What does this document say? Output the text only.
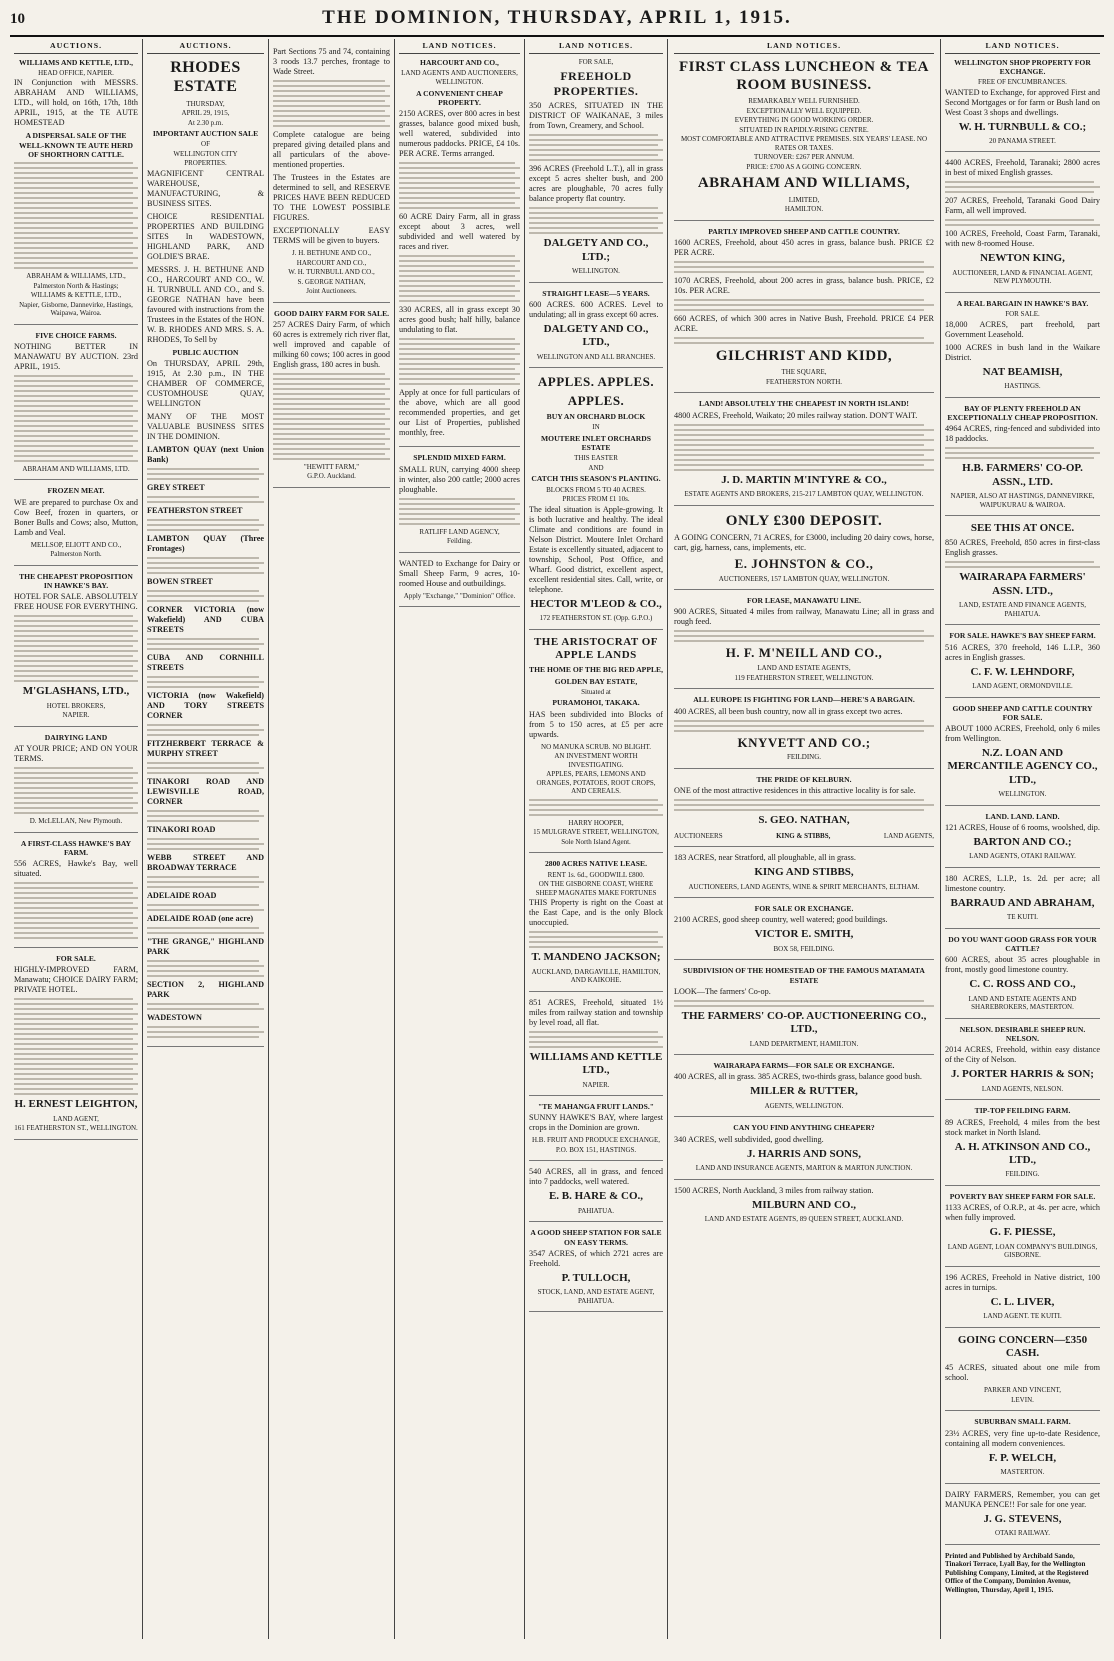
10	THE DOMINION, THURSDAY, APRIL 1, 1915.
AUCTIONS.
WILLIAMS AND KETTLE, LTD.,
HEAD OFFICE, NAPIER.

IN Conjunction with MESSRS. ABRAHAM AND WILLIAMS, LTD., will hold, on 16th, 17th, 18th APRIL, 1915, at the TE AUTE HOMESTEAD

A DISPERSAL SALE OF THE WELL-KNOWN TE AUTE HERD OF SHORTHORN CATTLE.
ABRAHAM & WILLIAMS, LTD.,
Palmerston North & Hastings;
WILLIAMS & KETTLE, LTD.,
Napier, Gisborne, Dannevirke, Hastings, Waipawa, Wairoa.
FIVE CHOICE FARMS.

NOTHING BETTER IN MANAWATU BY AUCTION. 23rd APRIL, 1915.

ABRAHAM AND WILLIAMS, LTD.
FROZEN MEAT.

WE are prepared to purchase Ox and Cow Beef, frozen in quarters, or Boner Bulls and Cows; also, Mutton, Lamb and Veal.

MELLSOP, ELIOTT AND CO.,
Palmerston North.
THE CHEAPEST PROPOSITION IN HAWKE'S BAY.

HOTEL FOR SALE. ABSOLUTELY FREE HOUSE FOR EVERYTHING.

M'GLASHANS, LTD.,
HOTEL BROKERS,
NAPIER.
DAIRYING LAND

AT YOUR PRICE; AND ON YOUR TERMS.

D. McLELLAN, New Plymouth.
A FIRST-CLASS HAWKE'S BAY FARM.

556 ACRES, Hawke's Bay, well situated.

FOR SALE.

HIGHLY-IMPROVED FARM, Manawatu; CHOICE DAIRY FARM; PRIVATE HOTEL.

H. ERNEST LEIGHTON,
LAND AGENT,
161 FEATHERSTON ST., WELLINGTON.
AUCTIONS.
RHODES ESTATE
THURSDAY,
APRIL 29, 1915,
At 2.30 p.m.
IMPORTANT AUCTION SALE
OF
WELLINGTON CITY
PROPERTIES.

MAGNIFICENT CENTRAL WAREHOUSE, MANUFACTURING, & BUSINESS SITES.

CHOICE RESIDENTIAL PROPERTIES AND BUILDING SITES In WADESTOWN, HIGHLAND PARK, AND GOLDIE'S BRAE.

MESSRS. J. H. BETHUNE AND CO., HARCOURT AND CO., W. H. TURNBULL AND CO., and S. GEORGE NATHAN have been favoured with instructions from the Trustees in the Estates of the HON. W. B. RHODES AND MRS. S. A. RHODES, To Sell by

PUBLIC AUCTION

On THURSDAY, APRIL 29th, 1915, At 2.30 p.m., IN THE CHAMBER OF COMMERCE, CUSTOMHOUSE QUAY, WELLINGTON

MANY OF THE MOST VALUABLE BUSINESS SITES IN THE DOMINION.

LAMBTON QUAY (next Union Bank)

GREY STREET

FEATHERSTON STREET

LAMBTON QUAY (Three Frontages)

BOWEN STREET

CORNER VICTORIA (now Wakefield) AND CUBA STREETS

CUBA AND CORNHILL STREETS

VICTORIA (now Wakefield) AND TORY STREETS CORNER

FITZHERBERT TERRACE & MURPHY STREET

TINAKORI ROAD AND LEWISVILLE ROAD, CORNER

TINAKORI ROAD

WEBB STREET AND BROADWAY TERRACE

ADELAIDE ROAD

ADELAIDE ROAD (one acre)

"THE GRANGE," HIGHLAND PARK

SECTION 2, HIGHLAND PARK

WADESTOWN

Part Sections 75 and 74, containing 3 roods 13.7 perches, frontage to Wade Street.

Complete catalogue are being prepared giving detailed plans and all particulars of the above-mentioned properties.

The Trustees in the Estates are determined to sell, and RESERVE PRICES HAVE BEEN REDUCED TO THE LOWEST POSSIBLE FIGURES.

EXCEPTIONALLY EASY TERMS will be given to buyers.

J. H. BETHUNE AND CO.,
HARCOURT AND CO.,
W. H. TURNBULL AND CO.,
S. GEORGE NATHAN,
Joint Auctioneers.
GOOD DAIRY FARM FOR SALE.

257 ACRES Dairy Farm, of which 60 acres is extremely rich river flat, well improved and capable of milking 60 cows; 100 acres in good English grass, 180 acres in bush.

"HEWITT FARM,"
G.P.O. Auckland.
LAND NOTICES.
HARCOURT AND CO.,
LAND AGENTS AND AUCTIONEERS,
WELLINGTON.
A CONVENIENT CHEAP PROPERTY.

2150 ACRES, over 800 acres in best grasses, balance good mixed bush, well watered, subdivided into numerous paddocks. PRICE, £4 10s. PER ACRE. Terms arranged.

60 ACRE Dairy Farm, all in grass except about 3 acres, well subdivided and well watered by races and river.

330 ACRES, all in grass except 30 acres good bush; half hilly, balance undulating to flat.

Apply at once for full particulars of the above, which are all good recommended properties, and get our List of Properties, published monthly, free.

SPLENDID MIXED FARM.

SMALL RUN, carrying 4000 sheep in winter, also 200 cattle; 2000 acres ploughable.

RATLIFF LAND AGENCY,
Feilding.

WANTED to Exchange for Dairy or Small Sheep Farm, 9 acres, 10-roomed House and outbuildings.

Apply "Exchange," "Dominion" Office.
LAND NOTICES.
FOR SALE,
FREEHOLD PROPERTIES.

350 ACRES, SITUATED IN THE DISTRICT OF WAIKANAE, 3 miles from Town, Creamery, and School.

396 ACRES (Freehold L.T.), all in grass except 5 acres shelter bush, and 200 acres are ploughable, 70 acres fully balance property flat country.

DALGETY AND CO., LTD.;
WELLINGTON.
STRAIGHT LEASE—5 YEARS.

600 ACRES. 600 ACRES. Level to undulating; all in grass except 60 acres.

DALGETY AND CO., LTD.,
WELLINGTON AND ALL BRANCHES.
APPLES. APPLES.
APPLES.
BUY AN ORCHARD BLOCK
IN
MOUTERE INLET ORCHARDS ESTATE
THIS EASTER
AND
CATCH THIS SEASON'S PLANTING.
BLOCKS FROM 5 TO 40 ACRES.
PRICES FROM £1 10s.

The ideal situation is Apple-growing. It is both lucrative and healthy. The ideal Climate and conditions are found in Nelson District. Moutere Inlet Orchard Estate is excellently situated, adjacent to township, School, Post Office, and Wharf. Good district, excellent aspect, excellent residential sites. Call, write, or telephone.

HECTOR M'LEOD & CO.,
172 FEATHERSTON ST. (Opp. G.P.O.)
THE ARISTOCRAT OF APPLE LANDS
THE HOME OF THE BIG RED APPLE,
GOLDEN BAY ESTATE,
Situated at
PURAMOHOI, TAKAKA.

HAS been subdivided into Blocks of from 5 to 150 acres, at £5 per acre upwards.

NO MANUKA SCRUB. NO BLIGHT.
AN INVESTMENT WORTH INVESTIGATING.
APPLES, PEARS, LEMONS AND ORANGES, POTATOES, ROOT CROPS, AND CEREALS.
HARRY HOOPER,
15 MULGRAVE STREET, WELLINGTON,
Sole North Island Agent.
2800 ACRES NATIVE LEASE.
RENT 1s. 6d., GOODWILL £800.
ON THE GISBORNE COAST, WHERE SHEEP MAGNATES MAKE FORTUNES

THIS Property is right on the Coast at the East Cape, and is the only Block unoccupied.

T. MANDENO JACKSON;
AUCKLAND, DARGAVILLE, HAMILTON, AND KAIKOHE.

851 ACRES, Freehold, situated 1½ miles from railway station and township by level road, all flat.

WILLIAMS AND KETTLE LTD.,
NAPIER.
"TE MAHANGA FRUIT LANDS."

SUNNY HAWKE'S BAY, where largest crops in the Dominion are grown.

H.B. FRUIT AND PRODUCE EXCHANGE,
P.O. BOX 151, HASTINGS.

540 ACRES, all in grass, and fenced into 7 paddocks, well watered.

E. B. HARE & CO.,
PAHIATUA.
A GOOD SHEEP STATION FOR SALE ON EASY TERMS.

3547 ACRES, of which 2721 acres are Freehold.

P. TULLOCH,
STOCK, LAND, AND ESTATE AGENT, PAHIATUA.
LAND NOTICES.
FIRST CLASS LUNCHEON & TEA ROOM BUSINESS.
REMARKABLY WELL FURNISHED.
EXCEPTIONALLY WELL EQUIPPED.
EVERYTHING IN GOOD WORKING ORDER.
SITUATED IN RAPIDLY-RISING CENTRE.
MOST COMFORTABLE AND ATTRACTIVE PREMISES. SIX YEARS' LEASE. NO RATES OR TAXES.
TURNOVER: £267 PER ANNUM.
PRICE: £700 AS A GOING CONCERN.
ABRAHAM AND WILLIAMS,
LIMITED,
HAMILTON.
PARTLY IMPROVED SHEEP AND CATTLE COUNTRY.

1600 ACRES, Freehold, about 450 acres in grass, balance bush. PRICE £2 PER ACRE.

1070 ACRES, Freehold, about 200 acres in grass, balance bush. PRICE, £2 10s. PER ACRE.

660 ACRES, of which 300 acres in Native Bush, Freehold. PRICE £4 PER ACRE.

GILCHRIST AND KIDD,
THE SQUARE,
FEATHERSTON NORTH.
LAND! ABSOLUTELY THE CHEAPEST IN NORTH ISLAND!

4800 ACRES, Freehold, Waikato; 20 miles railway station. DON'T WAIT.

J. D. MARTIN M'INTYRE & CO.,
ESTATE AGENTS AND BROKERS, 215-217 LAMBTON QUAY, WELLINGTON.
ONLY £300 DEPOSIT.

A GOING CONCERN, 71 ACRES, for £3000, including 20 dairy cows, horse, cart, gig, harness, cans, implements, etc.

E. JOHNSTON & CO.,
AUCTIONEERS, 157 LAMBTON QUAY, WELLINGTON.
FOR LEASE, MANAWATU LINE.

900 ACRES, Situated 4 miles from railway, Manawatu Line; all in grass and rough feed.

H. F. M'NEILL AND CO.,
LAND AND ESTATE AGENTS,
119 FEATHERSTON STREET, WELLINGTON.
ALL EUROPE IS FIGHTING FOR LAND—HERE'S A BARGAIN.

400 ACRES, all been bush country, now all in grass except two acres.

KNYVETT AND CO.;
FEILDING.
THE PRIDE OF KELBURN.

ONE of the most attractive residences in this attractive locality is for sale.

S. GEO. NATHAN,
AUCTIONEERS	KING & STIBBS,	LAND AGENTS,

183 ACRES, near Stratford, all ploughable, all in grass.

KING AND STIBBS,
AUCTIONEERS, LAND AGENTS, WINE & SPIRIT MERCHANTS, ELTHAM.
FOR SALE OR EXCHANGE.

2100 ACRES, good sheep country, well watered; good buildings.

VICTOR E. SMITH,
BOX 58, FEILDING.
SUBDIVISION OF THE HOMESTEAD OF THE FAMOUS MATAMATA ESTATE

LOOK—The farmers' Co-op.

THE FARMERS' CO-OP. AUCTIONEERING CO., LTD.,
LAND DEPARTMENT, HAMILTON.
WAIRARAPA FARMS—FOR SALE OR EXCHANGE.

400 ACRES, all in grass. 385 ACRES, two-thirds grass, balance good bush.

MILLER & RUTTER,
AGENTS, WELLINGTON.
CAN YOU FIND ANYTHING CHEAPER?

340 ACRES, well subdivided, good dwelling.

J. HARRIS AND SONS,
LAND AND INSURANCE AGENTS, MARTON & MARTON JUNCTION.

1500 ACRES, North Auckland, 3 miles from railway station.

MILBURN AND CO.,
LAND AND ESTATE AGENTS, 89 QUEEN STREET, AUCKLAND.
LAND NOTICES.
WELLINGTON SHOP PROPERTY FOR EXCHANGE.
FREE OF ENCUMBRANCES.

WANTED to Exchange, for approved First and Second Mortgages or for farm or Bush land on West Coast 3 shops and dwellings.

W. H. TURNBULL & CO.;
20 PANAMA STREET.

4400 ACRES, Freehold, Taranaki; 2800 acres in best of mixed English grasses.

207 ACRES, Freehold, Taranaki Good Dairy Farm, all well improved.

100 ACRES, Freehold, Coast Farm, Taranaki, with new 8-roomed House.

NEWTON KING,
AUCTIONEER, LAND & FINANCIAL AGENT, NEW PLYMOUTH.
A REAL BARGAIN IN HAWKE'S BAY.
FOR SALE.

18,000 ACRES, part freehold, part Government Leasehold.

1000 ACRES in bush land in the Waikare District.

NAT BEAMISH,
HASTINGS.
BAY OF PLENTY FREEHOLD AN EXCEPTIONALLY CHEAP PROPOSITION.

4964 ACRES, ring-fenced and subdivided into 18 paddocks.

H.B. FARMERS' CO-OP. ASSN., LTD.
NAPIER, ALSO AT HASTINGS, DANNEVIRKE, WAIPUKURAU & WAIROA.
SEE THIS AT ONCE.

850 ACRES, Freehold, 850 acres in first-class English grasses.

WAIRARAPA FARMERS' ASSN. LTD.,
LAND, ESTATE AND FINANCE AGENTS, PAHIATUA.
FOR SALE. HAWKE'S BAY SHEEP FARM.

516 ACRES, 370 freehold, 146 L.I.P., 360 acres in English grasses.

C. F. W. LEHNDORF,
LAND AGENT, ORMONDVILLE.
GOOD SHEEP AND CATTLE COUNTRY FOR SALE.

ABOUT 1000 ACRES, Freehold, only 6 miles from Wellington.

N.Z. LOAN AND MERCANTILE AGENCY CO., LTD.,
WELLINGTON.
LAND. LAND. LAND.

121 ACRES, House of 6 rooms, woolshed, dip.

BARTON AND CO.;
LAND AGENTS, OTAKI RAILWAY.

180 ACRES, L.I.P., 1s. 2d. per acre; all limestone country.

BARRAUD AND ABRAHAM,
TE KUITI.
DO YOU WANT GOOD GRASS FOR YOUR CATTLE?

600 ACRES, about 35 acres ploughable in front, mostly good limestone country.

C. C. ROSS AND CO.,
LAND AND ESTATE AGENTS AND SHAREBROKERS, MASTERTON.
NELSON. DESIRABLE SHEEP RUN. NELSON.

2014 ACRES, Freehold, within easy distance of the City of Nelson.

J. PORTER HARRIS & SON;
LAND AGENTS, NELSON.
TIP-TOP FEILDING FARM.

89 ACRES, Freehold, 4 miles from the best stock market in North Island.

A. H. ATKINSON AND CO., LTD.,
FEILDING.
POVERTY BAY SHEEP FARM FOR SALE.

1133 ACRES, of O.R.P., at 4s. per acre, which when fully improved.

G. F. PIESSE,
LAND AGENT, LOAN COMPANY'S BUILDINGS, GISBORNE.

196 ACRES, Freehold in Native district, 100 acres in turnips.

C. L. LIVER,
LAND AGENT. TE KUITI.
GOING CONCERN—£350 CASH.

45 ACRES, situated about one mile from school.

PARKER AND VINCENT,
LEVIN.
SUBURBAN SMALL FARM.

23½ ACRES, very fine up-to-date Residence, containing all modern conveniences.

F. P. WELCH,
MASTERTON.

DAIRY FARMERS, Remember, you can get MANUKA PENCE!! For sale for one year.

J. G. STEVENS,
OTAKI RAILWAY.

Printed and Published by Archibald Sando, Tinakori Terrace, Lyall Bay, for the Wellington Publishing Company, Limited, at the Registered Office of the Company, Dominion Avenue, Wellington, Thursday, April 1, 1915.
